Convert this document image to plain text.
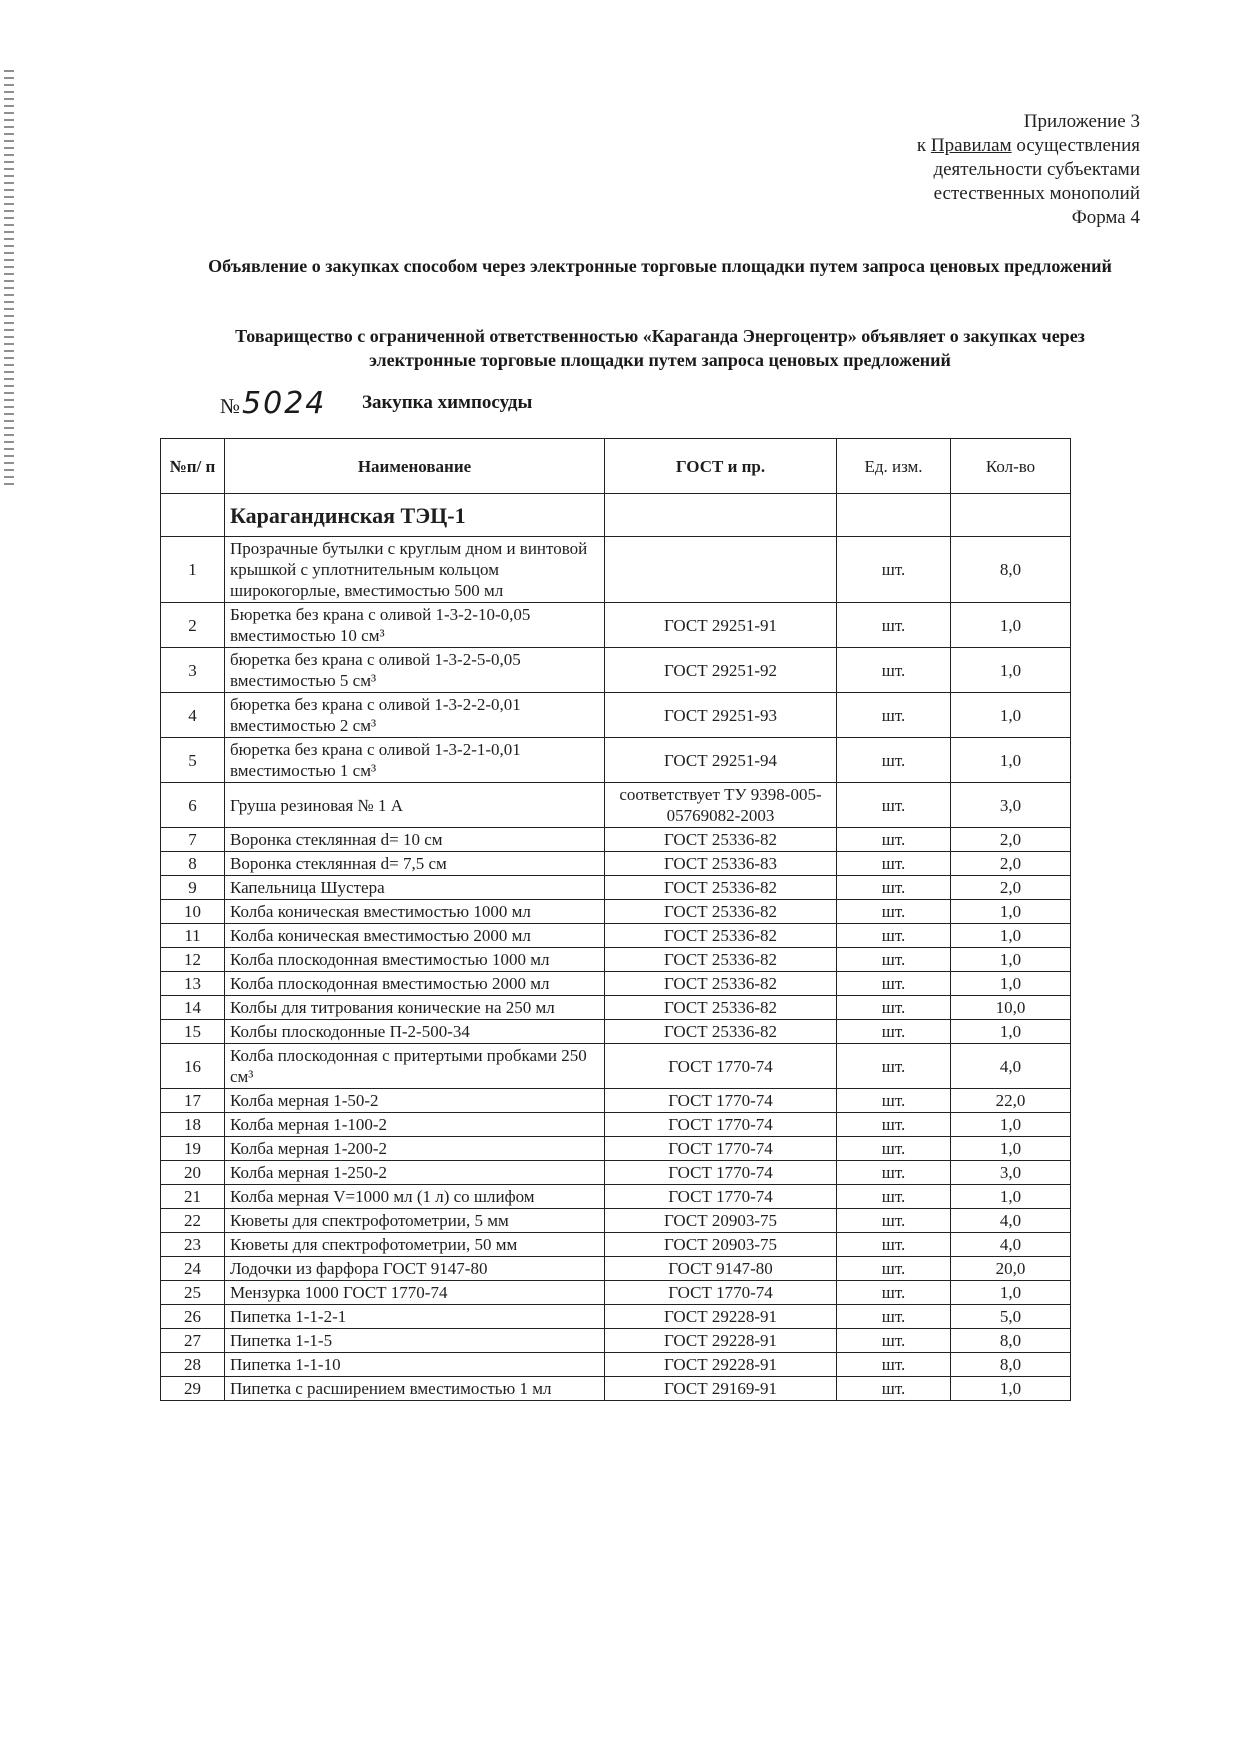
Приложение 3
к Правилам осуществления
деятельности субъектами
естественных монополий
Форма 4
Объявление о закупках способом через электронные торговые площадки путем запроса ценовых предложений
Товарищество с ограниченной ответственностью «Караганда Энергоцентр» объявляет о закупках через электронные торговые площадки путем запроса ценовых предложений
№5024 Закупка химпосуды
№п/ п	Наименование	ГОСТ и пр.	Ед. изм.	Кол-во
	Карагандинская ТЭЦ-1			
1	Прозрачные бутылки с круглым дном и винтовой крышкой с уплотнительным кольцом широкогорлые, вместимостью 500 мл		шт.	8,0
2	Бюретка без крана с оливой 1-3-2-10-0,05 вместимостью 10 см³	ГОСТ 29251-91	шт.	1,0
3	бюретка без крана с оливой 1-3-2-5-0,05 вместимостью 5 см³	ГОСТ 29251-92	шт.	1,0
4	бюретка без крана с оливой 1-3-2-2-0,01 вместимостью 2 см³	ГОСТ 29251-93	шт.	1,0
5	бюретка без крана с оливой 1-3-2-1-0,01 вместимостью 1 см³	ГОСТ 29251-94	шт.	1,0
6	Груша резиновая № 1 А	соответствует ТУ 9398-005-05769082-2003	шт.	3,0
7	Воронка стеклянная d= 10 см	ГОСТ 25336-82	шт.	2,0
8	Воронка стеклянная d= 7,5 см	ГОСТ 25336-83	шт.	2,0
9	Капельница Шустера	ГОСТ 25336-82	шт.	2,0
10	Колба коническая вместимостью 1000 мл	ГОСТ 25336-82	шт.	1,0
11	Колба коническая вместимостью 2000 мл	ГОСТ 25336-82	шт.	1,0
12	Колба плоскодонная вместимостью 1000 мл	ГОСТ 25336-82	шт.	1,0
13	Колба плоскодонная вместимостью 2000 мл	ГОСТ 25336-82	шт.	1,0
14	Колбы для титрования конические на 250 мл	ГОСТ 25336-82	шт.	10,0
15	Колбы плоскодонные П-2-500-34	ГОСТ 25336-82	шт.	1,0
16	Колба плоскодонная с притертыми пробками 250 см³	ГОСТ 1770-74	шт.	4,0
17	Колба мерная 1-50-2	ГОСТ 1770-74	шт.	22,0
18	Колба мерная 1-100-2	ГОСТ 1770-74	шт.	1,0
19	Колба мерная 1-200-2	ГОСТ 1770-74	шт.	1,0
20	Колба мерная 1-250-2	ГОСТ 1770-74	шт.	3,0
21	Колба мерная V=1000 мл (1 л) со шлифом	ГОСТ 1770-74	шт.	1,0
22	Кюветы для спектрофотометрии, 5 мм	ГОСТ 20903-75	шт.	4,0
23	Кюветы для спектрофотометрии, 50 мм	ГОСТ 20903-75	шт.	4,0
24	Лодочки из фарфора ГОСТ 9147-80	ГОСТ 9147-80	шт.	20,0
25	Мензурка 1000 ГОСТ 1770-74	ГОСТ 1770-74	шт.	1,0
26	Пипетка 1-1-2-1	ГОСТ 29228-91	шт.	5,0
27	Пипетка 1-1-5	ГОСТ 29228-91	шт.	8,0
28	Пипетка 1-1-10	ГОСТ 29228-91	шт.	8,0
29	Пипетка с расширением вместимостью 1 мл	ГОСТ 29169-91	шт.	1,0
